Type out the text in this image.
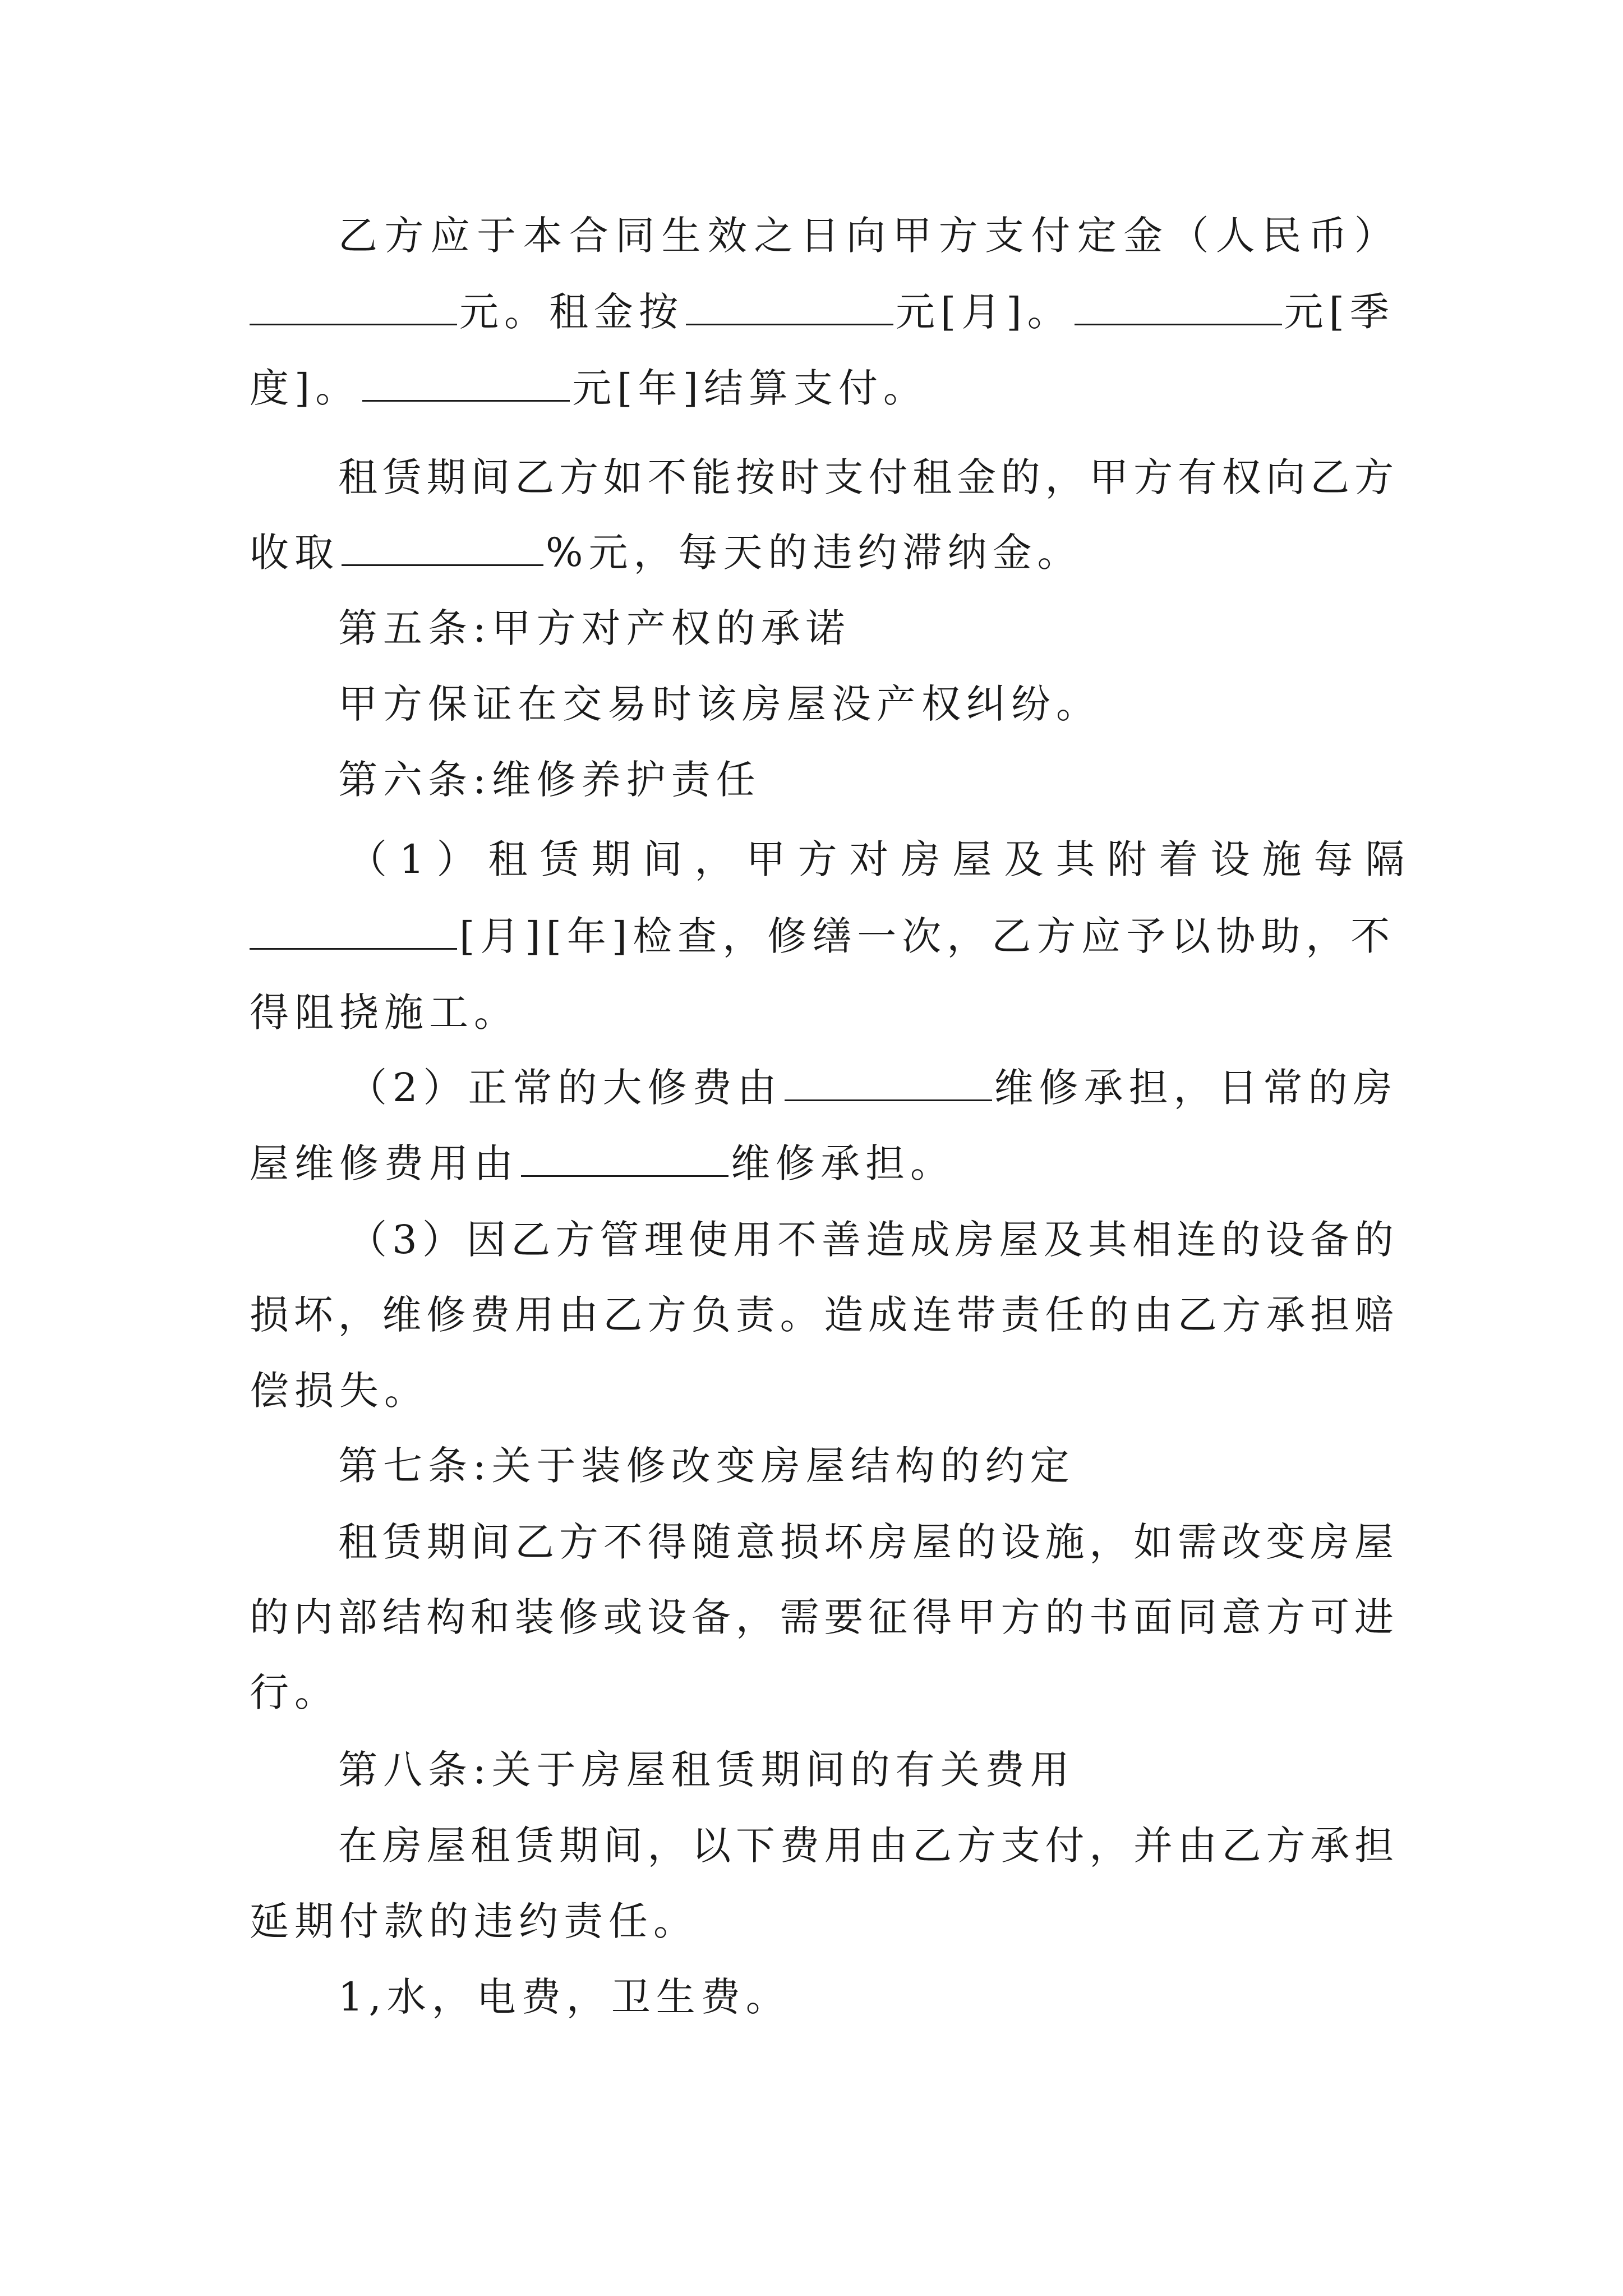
乙 方 应 于 本 合 同 生 效 之 日 向 甲 方 支 付 定 金 （ 人 民 币 ）
元。租金按	元[月]。	元[季
度]。	元[年]结算支付。
租 赁 期 间 乙 方 如 不 能 按 时 支 付 租 金 的 ， 甲 方 有 权 向 乙 方
收取	%元，每天的违约滞纳金。
第五条:甲方对产权的承诺
甲方保证在交易时该房屋没产权纠纷。
第六条:维修养护责任
（1）租赁期间，甲方对房屋及其附着设施每隔
[月][年]检查，修缮一次，乙方应予以协助，不
得阻挠施工。
（2）正常的大修费由	维修承担，日常的房
屋维修费用由	维修承担。
（ 3 ） 因 乙 方 管 理 使 用 不 善 造 成 房 屋 及 其 相 连 的 设 备 的
损 坏 ， 维 修 费 用 由 乙 方 负 责 。 造 成 连 带 责 任 的 由 乙 方 承 担 赔
偿损失。
第七条:关于装修改变房屋结构的约定
租 赁 期 间 乙 方 不 得 随 意 损 坏 房 屋 的 设 施 ， 如 需 改 变 房 屋
的 内 部 结 构 和 装 修 或 设 备 ， 需 要 征 得 甲 方 的 书 面 同 意 方 可 进
行。
第八条:关于房屋租赁期间的有关费用
在 房 屋 租 赁 期 间 ， 以 下 费 用 由 乙 方 支 付 ， 并 由 乙 方 承 担
延期付款的违约责任。
1,水，电费，卫生费。
